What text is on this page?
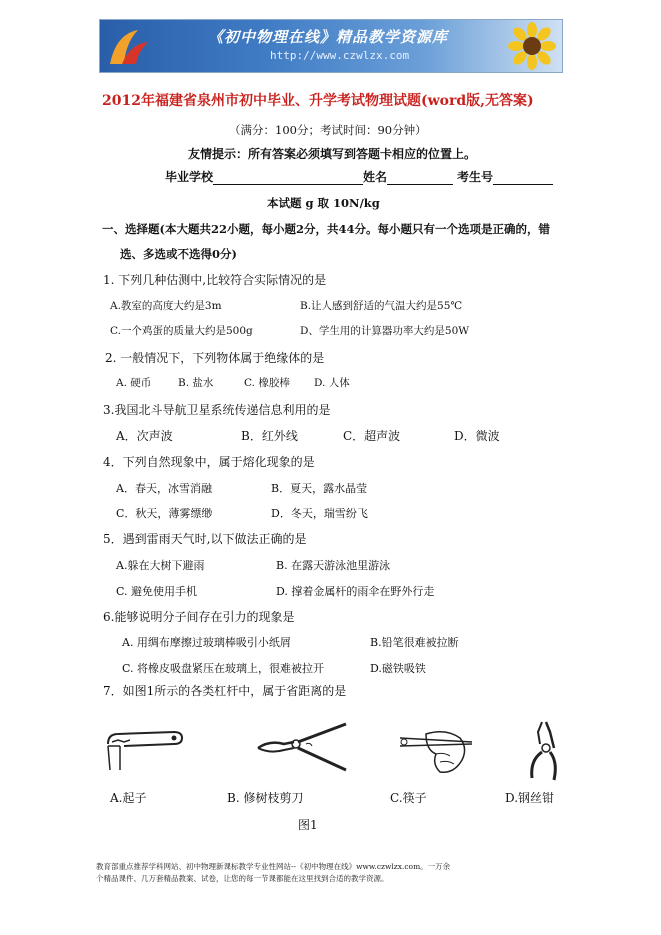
《初中物理在线》精品教学资源库
http://www.czwlzx.com
2012年福建省泉州市初中毕业、升学考试物理试题(word版,无答案)
（满分：100分；考试时间：90分钟）
友情提示：所有答案必须填写到答题卡相应的位置上。
毕业学校	姓名	考生号
本试题 g 取 10N/kg
一、选择题(本大题共22小题，每小题2分，共44分。每小题只有一个选项是正确的，错
选、多选或不选得0分)
1. 下列几种估测中,比较符合实际情况的是
A.教室的高度大约是3m	B.让人感到舒适的气温大约是55℃
C.一个鸡蛋的质量大约是500g	D、学生用的计算器功率大约是50W
2. 一般情况下，下列物体属于绝缘体的是
A. 硬币	B. 盐水	C. 橡胶棒 D. 人体
3.我国北斗导航卫星系统传递信息利用的是
A．次声波	B．红外线	C．超声波	D．微波
4．下列自然现象中，属于熔化现象的是
A．春天，冰雪消融	B．夏天，露水晶莹
C．秋天，薄雾缥缈	D．冬天，瑞雪纷飞
5．遇到雷雨天气时,以下做法正确的是
A.躲在大树下避雨	B. 在露天游泳池里游泳
C. 避免使用手机	D. 撑着金属杆的雨伞在野外行走
6.能够说明分子间存在引力的现象是
A. 用绸布摩擦过玻璃棒吸引小纸屑	B.铅笔很难被拉断
C. 将橡皮吸盘紧压在玻璃上，很难被拉开	D.磁铁吸铁
7．如图1所示的各类杠杆中，属于省距离的是
A.起子	B. 修树枝剪刀	C.筷子	D.钢丝钳
图1
教育部重点推荐学科网站、初中物理新课标教学专业性网站--《初中物理在线》www.czwlzx.com。一万余
个精品课件、几万套精品教案、试卷，让您的每一节课都能在这里找到合适的教学资源。
